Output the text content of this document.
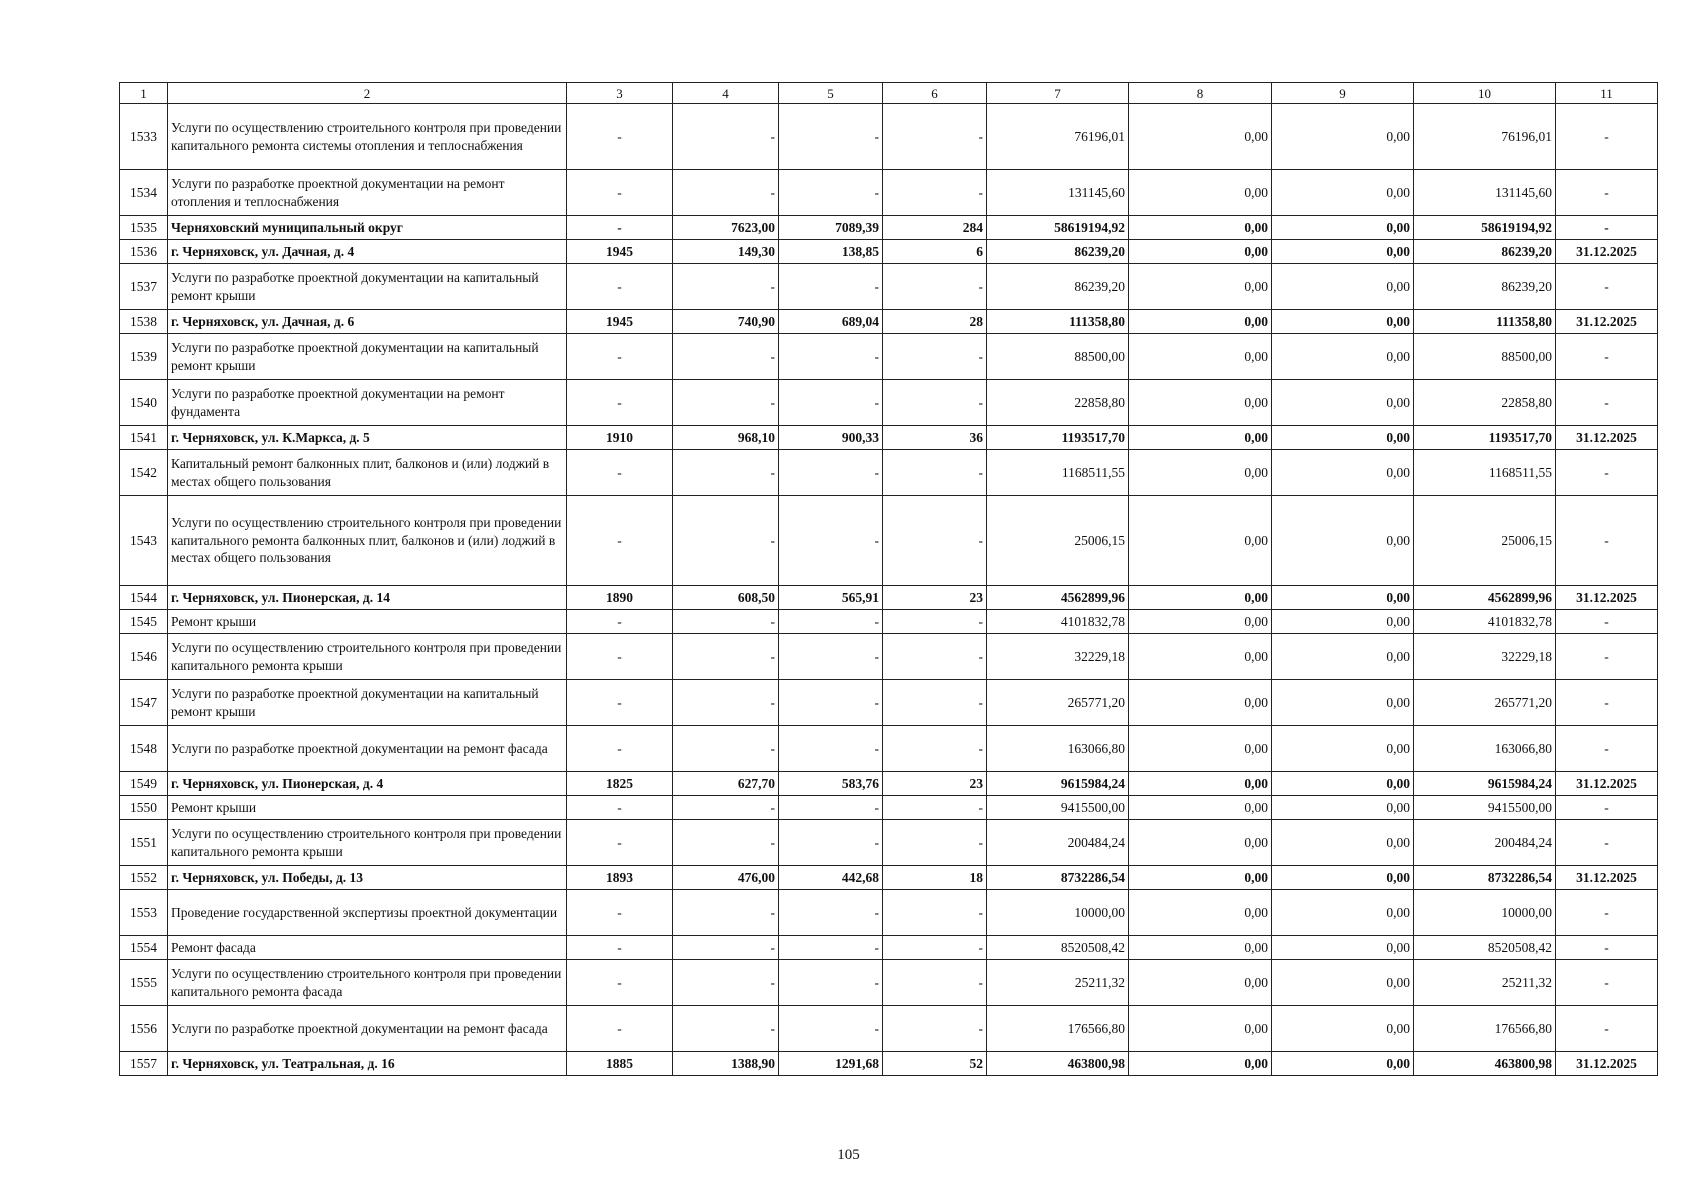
1	2	3	4	5	6	7	8	9	10	11
1533	Услуги по осуществлению строительного контроля при проведении капитального ремонта системы отопления и теплоснабжения	-	-	-	-	76196,01	0,00	0,00	76196,01	-
1534	Услуги по разработке проектной документации на ремонт отопления и теплоснабжения	-	-	-	-	131145,60	0,00	0,00	131145,60	-
1535	Черняховский муниципальный округ	-	7623,00	7089,39	284	58619194,92	0,00	0,00	58619194,92	-
1536	г. Черняховск, ул. Дачная, д. 4	1945	149,30	138,85	6	86239,20	0,00	0,00	86239,20	31.12.2025
1537	Услуги по разработке проектной документации на капитальный ремонт крыши	-	-	-	-	86239,20	0,00	0,00	86239,20	-
1538	г. Черняховск, ул. Дачная, д. 6	1945	740,90	689,04	28	111358,80	0,00	0,00	111358,80	31.12.2025
1539	Услуги по разработке проектной документации на капитальный ремонт крыши	-	-	-	-	88500,00	0,00	0,00	88500,00	-
1540	Услуги по разработке проектной документации на ремонт фундамента	-	-	-	-	22858,80	0,00	0,00	22858,80	-
1541	г. Черняховск, ул. К.Маркса, д. 5	1910	968,10	900,33	36	1193517,70	0,00	0,00	1193517,70	31.12.2025
1542	Капитальный ремонт балконных плит, балконов и (или) лоджий в местах общего пользования	-	-	-	-	1168511,55	0,00	0,00	1168511,55	-
1543	Услуги по осуществлению строительного контроля при проведении капитального ремонта балконных плит, балконов и (или) лоджий в местах общего пользования	-	-	-	-	25006,15	0,00	0,00	25006,15	-
1544	г. Черняховск, ул. Пионерская, д. 14	1890	608,50	565,91	23	4562899,96	0,00	0,00	4562899,96	31.12.2025
1545	Ремонт крыши	-	-	-	-	4101832,78	0,00	0,00	4101832,78	-
1546	Услуги по осуществлению строительного контроля при проведении капитального ремонта крыши	-	-	-	-	32229,18	0,00	0,00	32229,18	-
1547	Услуги по разработке проектной документации на капитальный ремонт крыши	-	-	-	-	265771,20	0,00	0,00	265771,20	-
1548	Услуги по разработке проектной документации на ремонт фасада	-	-	-	-	163066,80	0,00	0,00	163066,80	-
1549	г. Черняховск, ул. Пионерская, д. 4	1825	627,70	583,76	23	9615984,24	0,00	0,00	9615984,24	31.12.2025
1550	Ремонт крыши	-	-	-	-	9415500,00	0,00	0,00	9415500,00	-
1551	Услуги по осуществлению строительного контроля при проведении капитального ремонта крыши	-	-	-	-	200484,24	0,00	0,00	200484,24	-
1552	г. Черняховск, ул. Победы, д. 13	1893	476,00	442,68	18	8732286,54	0,00	0,00	8732286,54	31.12.2025
1553	Проведение государственной экспертизы проектной документации	-	-	-	-	10000,00	0,00	0,00	10000,00	-
1554	Ремонт фасада	-	-	-	-	8520508,42	0,00	0,00	8520508,42	-
1555	Услуги по осуществлению строительного контроля при проведении капитального ремонта фасада	-	-	-	-	25211,32	0,00	0,00	25211,32	-
1556	Услуги по разработке проектной документации на ремонт фасада	-	-	-	-	176566,80	0,00	0,00	176566,80	-
1557	г. Черняховск, ул. Театральная, д. 16	1885	1388,90	1291,68	52	463800,98	0,00	0,00	463800,98	31.12.2025
105
